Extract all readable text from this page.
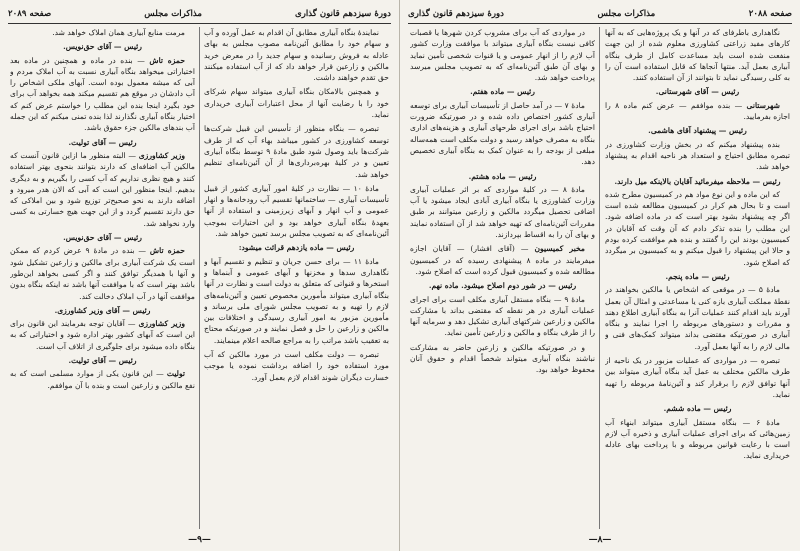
دورهٔ سیزدهم قانون گذاری
مذاکرات مجلس
صفحه ۲۰۸۹

نمایندهٔ بنگاه آبیاری مطابق آن اقدام به عمل آورده و آب و سهام خود را مطابق آئین‌نامه مصوب مجلس به بهای عادله به فروش رسانیده و سهام جدید را در معرض خرید مالکین و زارعین قرار خواهد داد که از آب استفاده میکنند حق تقدم خواهند داشت.

و همچنین بالامکان بنگاه آبیاری میتواند سهام شرکای خود را با رضایت آنها از محل اعتبارات آبیاری خریداری نماید.

تبصره — بنگاه منظور از تأسیس این قبیل شرکت‌ها توسعه کشاورزی در کشور میباشد بهاء آب که از طرف شرکت‌ها باید وصول شود طبق مادهٔ ۹ توسط بنگاه آبیاری تعیین و در کلیهٔ بهره‌برداری‌ها از آن آئین‌نامه‌ای تنظیم خواهد شد.

مادهٔ ۱۰ — نظارت در کلیهٔ امور آبیاری کشور از قبیل تأسیسات آبیاری — ساختمانها تقسیم آب رودخانه‌ها و انهار عمومی و آب انهار و آبهای زیرزمینی و استفاده از آنها بعهدهٔ بنگاه آبیاری خواهد بود و این اختیارات بموجب آئین‌نامه‌ای که به تصویب مجلس برسد تعیین خواهد شد.

رئیس — ماده یازدهم قرائت میشود:

مادهٔ ۱۱ — برای حسن جریان و تنظیم و تقسیم آبها و نگاهداری سدها و مخزنها و آبهای عمومی و آبنماها و استخرها و قنواتی که متعلق به دولت است و نظارت در آنها بنگاه آبیاری میتواند مأمورین مخصوص تعیین و آئین‌نامه‌های لازم را تهیه و به تصویب مجلس شورای ملی برساند و مأمورین مزبور به امور آبیاری رسیدگی و اختلافات بین مالکین و زارعین را حل و فصل نمایند و در صورتیکه محتاج به تعقیب باشد مراتب را به مراجع صالحه اعلام مینمایند.

تبصره — دولت مکلف است در مورد مالکین که آب مورد استفاده خود را اضافه برداشت نموده یا موجب خسارت دیگران شوند اقدام لازم بعمل آورد.

مرمت منابع آبیاری همان املاک خواهد شد.

رئیس — آقای حق‌نویس.

حمزه تاش — بنده در ماده و همچنین در ماده بعد اختیاراتی میخواهد بنگاه آبیاری نسبت به آب املاک مردم و آبی که میشه معمول بوده است. آبهای ملکی اشخاص را آب دادشان در موقع هم تقسیم میکند همه بخواهد آب برای خود بگیرد اینجا بنده این مطلب را خواستم عرض کنم که اختیار بنگاه آبیاری نگذارند لذا بنده تمنی میکنم که این جمله آب بندهای مالکین جزء حقوق باشد.

رئیس — آقای تولیت.

وزیر کشاورزی — البته منظور ما ازاین قانون آنست که مالکین آب اضافه‌ای که دارند بتوانند بنحوی بهتر استفاده کنند و هیچ نظری نداریم که آب کسی را بگیریم و به دیگری بدهیم. اینجا منظور این است که آبی که الان هدر میرود و اضافه دارند به نحو صحیح‌تر توزیع شود و بین املاکی که حق دارند تقسیم گردد و از این جهت هیچ خسارتی به کسی وارد نخواهد شد.

رئیس — آقای حق‌نویس.

حمزه تاش — بنده در مادهٔ ۹ عرض کردم که ممکن است یک شرکت آبیاری برای مالکین و زارعین تشکیل شود و آنها با همدیگر توافق کنند و اگر کسی بخواهد این‌طور باشد بهتر است که با موافقت آنها باشد نه اینکه بنگاه بدون موافقت آنها در آب املاک دخالت کند.

رئیس — آقای وزیر کشاورزی.

وزیر کشاورزی — آقایان توجه بفرمایند این قانون برای این است که آبهای کشور بهتر اداره شود و اختیاراتی که به بنگاه داده میشود برای جلوگیری از اتلاف آب است.

رئیس — آقای تولیت.

تولیت — این قانون یکی از موارد مسلمی است که به نفع مالکین و زارعین است و بنده با آن موافقم.

—۹—
صفحه ۲۰۸۸
مذاکرات مجلس
دورهٔ سیزدهم قانون گذاری

نگاهداری باطرفای که در آنها و یک پروژه‌هایی که به آنها کارهای مفید زراعتی کشاورزی معلوم شده از این جهت منفعت شده است باید مساعدت کامل از طرف بنگاه آبیاری بعمل آید. منتها آنجاها که قابل استفاده است آن را به کلی رسیدگی نماید تا بتوانند از آن استفاده کنند.

رئیس — آقای شهرستانی.

شهرستانی — بنده موافقم — عرض کنم ماده ۸ را اجازه بفرمایید.

رئیس — پیشنهاد آقای هاشمی.

بنده پیشنهاد میکنم که در بخش وزارت کشاورزی در تبصره مطابق احتیاج و استعداد هر ناحیه اقدام به پیشنهاد خواهد شد.

رئیس — ملاحظه میفرمائید آقایان بالاینکه میل دارند.

که این ماده و این نوع مواد هم در کمیسیون مطرح شده است و تا بحال هم کرار در کمیسیون مطالعه شده است اگر چه پیشنهاد بشود بهتر است که در ماده اضافه شود. این مطلب را بنده تذکر دادم که آن وقت که آقایان در کمیسیون بودند این را گفتند و بنده هم موافقت کرده بودم و حالا این پیشنهاد را قبول میکنم و به کمیسیون بر میگردد که اصلاح شود.

رئیس — ماده پنجم.

مادهٔ ۵ — در موقعی که اشخاص یا مالکین بخواهند در نقطهٔ مملکت آبیاری بازه کنی یا مساعدتی و امثال آن بعمل آورند باید اقدام کنند عملیات آنرا به بنگاه آبیاری اطلاع دهند و مقررات و دستورهای مربوطه را اجرا نمایند و بنگاه آبیاری در صورتیکه مقتضی بداند میتواند کمک‌های فنی و مالی لازم را به آنها بعمل آورد.

تبصره — در مواردی که عملیات مزبور در یک ناحیه از طرف مالکین مختلف به عمل آید بنگاه آبیاری میتواند بین آنها توافق لازم را برقرار کند و آئین‌نامهٔ مربوطه را تهیه نماید.

رئیس — ماده ششم.

مادهٔ ۶ — بنگاه مستقل آبیاری میتواند ابنهاء آب زمین‌هائی که برای اجرای عملیات آبیاری و ذخیره آب لازم است با رعایت قوانین مربوطه و با پرداخت بهای عادله خریداری نماید.

در مواردی که آب برای مشروب کردن شهرها یا قصبات کافی نیست بنگاه آبیاری میتواند با موافقت وزارت کشور آب لازم را از انهار عمومی و یا قنوات شخصی تأمین نماید و بهای آن طبق آئین‌نامه‌ای که به تصویب مجلس میرسد پرداخت خواهد شد.

رئیس — ماده هفتم.

مادهٔ ۷ — در آمد حاصل از تأسیسات آبیاری برای توسعه آبیاری کشور اختصاص داده شده و در صورتیکه ضرورت احتیاج باشد برای اجرای طرحهای آبیاری و هزینه‌های اداری بنگاه به مصرف خواهد رسید و دولت مکلف است همه‌ساله مبلغی از بودجه را به عنوان کمک به بنگاه آبیاری تخصیص دهد.

رئیس — ماده هشتم.

مادهٔ ۸ — در کلیهٔ مواردی که بر اثر عملیات آبیاری وزارت کشاورزی یا بنگاه آبیاری آبادی ایجاد میشود یا آب اضافی تحصیل میگردد مالکین و زارعین میتوانند بر طبق مقررات آئین‌نامه‌ای که تهیه خواهد شد از آن استفاده نمایند و بهای آن را به اقساط بپردازند.

مخبر کمیسیون — (آقای افشار) — آقایان اجازه میفرمایند در ماده ۸ پیشنهادی رسیده که در کمیسیون مطالعه شده و کمیسیون قبول کرده است که اصلاح شود.

رئیس — در شور دوم اصلاح میشود. ماده نهم.

مادهٔ ۹ — بنگاه مستقل آبیاری مکلف است برای اجرای عملیات آبیاری در هر نقطه که مقتضی بداند با مشارکت مالکین و زارعین شرکتهای آبیاری تشکیل دهد و سرمایه آنها را از طرف بنگاه و مالکین و زارعین تأمین نماید.

و در صورتیکه مالکین و زارعین حاضر به مشارکت نباشند بنگاه آبیاری میتواند شخصاً اقدام و حقوق آنان محفوظ خواهد بود.

—۸—
